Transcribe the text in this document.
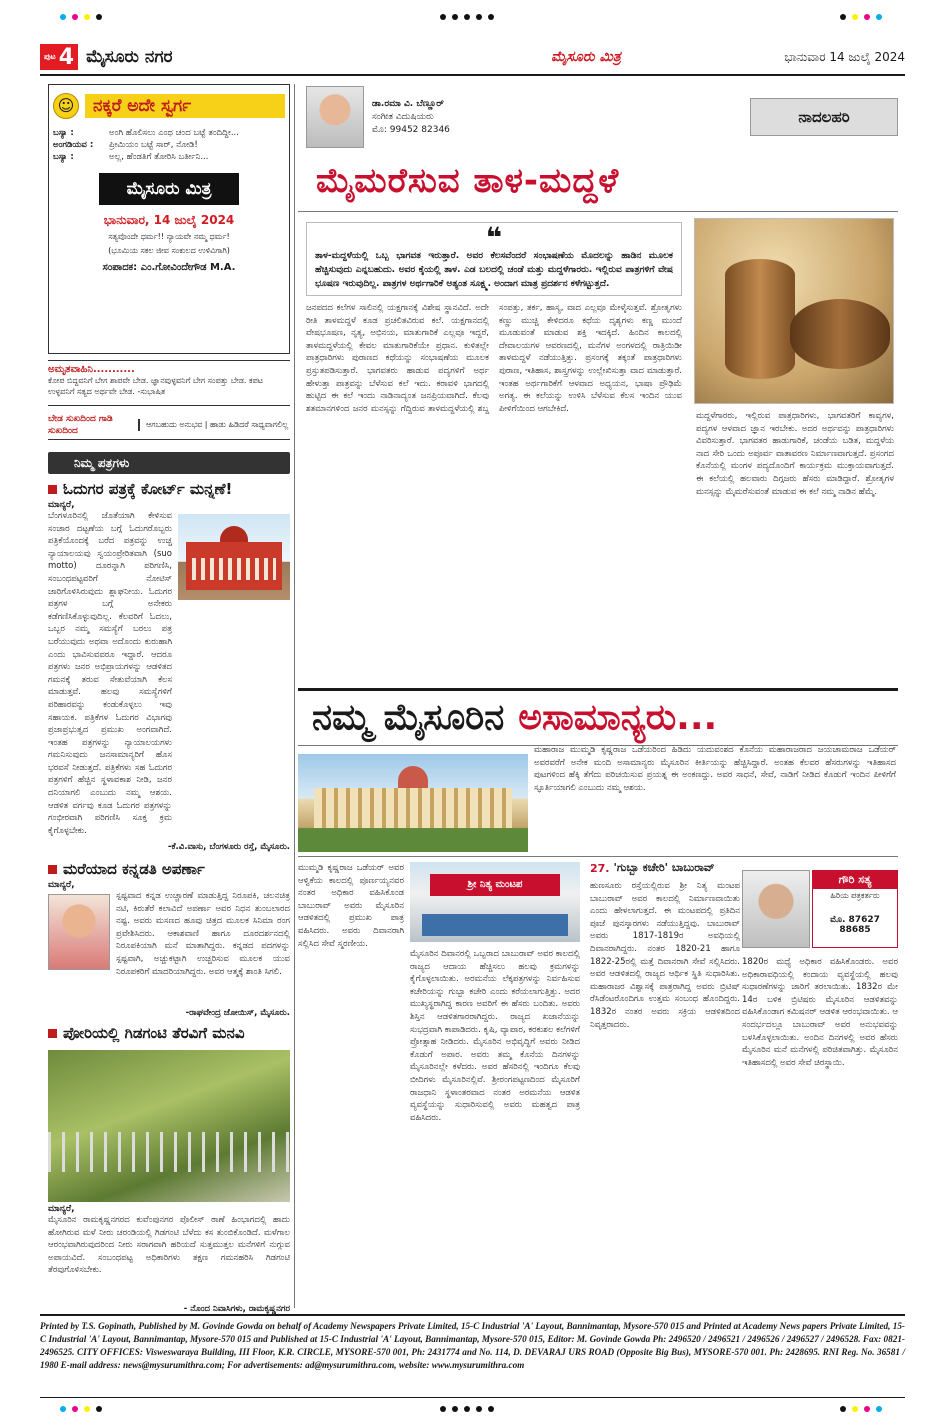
ಪುಟ 4 ಮೈಸೂರು ನಗರ	ಮೈಸೂರು ಮಿತ್ರ	ಭಾನುವಾರ 14 ಜುಲೈ 2024
☺	ನಕ್ಕರೆ ಅದೇ ಸ್ವರ್ಗ
ಬಸ್ಯಾ :	ಅಂಗಿ ಹೊಲಿಸಲು ಎಂಥ ಚಂದ ಬಟ್ಟೆ ತಂದಿದ್ದೀ...
ಅಂಗಡಿಯವ :	ಪ್ರೀಮಿಯಂ ಬಟ್ಟೆ ಸಾರ್, ನೋಡಿ!
ಬಸ್ಯಾ :	ಅಲ್ಲ, ಹೆಂಡತಿಗೆ ತೋರಿಸಿ ಬರ್ತೀನಿ...
ಮೈಸೂರು ಮಿತ್ರ
ಭಾನುವಾರ, 14 ಜುಲೈ 2024
ಸತ್ಯವೊಂದೇ ಧರ್ಮ!! ನ್ಯಾಯವೇ ನಮ್ಮ ಧರ್ಮ!
(ಭೂಮಿಯ ಸಕಲ ಜೀವ ಸಂಕುಲದ ಉಳಿವಿಗಾಗಿ)
ಸಂಪಾದಕ: ಎಂ.ಗೋವಿಂದೇಗೌಡ M.A.
ಅಮೃತವಾಹಿನಿ...........
ಕೋಪ ಬಿದ್ದವನಿಗೆ ಬೇಗ ಶಾಪವೇ ಬೇಡ. ಜ್ಞಾನವುಳ್ಳವನಿಗೆ ಬೇಗ ಸಂಪತ್ತು ಬೇಡ. ಕಪಟ ಉಳ್ಳವನಿಗೆ ಸತ್ಯದ ಅರ್ಥವೇ ಬೇಡ. -ಸುಭಾಷಿತ
ಬೇಡ ಸುಖದಿಂದ ಗಾಡಿ ಸುಖದಿಂದ
ಆಗಬಹುದು ಅನುಭವ | ಹಾಡು ಹಿಡಿದರೆ ಸಾಧ್ಯವಾಗಲಿಲ್ಲ
ನಿಮ್ಮ ಪತ್ರಗಳು
ಓದುಗರ ಪತ್ರಕ್ಕೆ ಕೋರ್ಟ್ ಮನ್ನಣೆ!
ಮಾನ್ಯರೆ,
ಬೆಂಗಳೂರಿನಲ್ಲಿ ಜೊತೆಯಾಗಿ ಕೇಳಿಸುವ ಸಂಚಾರ ದಟ್ಟಣೆಯ ಬಗ್ಗೆ ಓದುಗರೊಬ್ಬರು ಪತ್ರಿಕೆಯೊಂದಕ್ಕೆ ಬರೆದ ಪತ್ರವನ್ನು ಉಚ್ಚ ನ್ಯಾಯಾಲಯವು ಸ್ವಯಂಪ್ರೇರಿತವಾಗಿ (suo motto) ದೂರನ್ನಾಗಿ ಪರಿಗಣಿಸಿ, ಸಂಬಂಧಪಟ್ಟವರಿಗೆ ನೋಟಿಸ್ ಜಾರಿಗೊಳಿಸಿರುವುದು ಶ್ಲಾಘನೀಯ. ಓದುಗರ ಪತ್ರಗಳ ಬಗ್ಗೆ ಅನೇಕರು ಕಡೆಗಣಿಸಿಕೊಳ್ಳುವುದಿಲ್ಲ. ಕೆಲವರಿಗೆ ಓದಲು, ಒಬ್ಬರ ನಮ್ಮ ಸಮಸ್ಯೆಗೆ ಬರಲು ಪತ್ರ ಬರೆಯುವುದು ಅಥವಾ ಅದೊಂದು ಕುರುಹಾಗಿ ಎಂದು ಭಾವಿಸುವವರೂ ಇದ್ದಾರೆ. ಆದರೂ ಪತ್ರಗಳು ಜನರ ಅಭಿಪ್ರಾಯಗಳನ್ನು ಆಡಳಿತದ ಗಮನಕ್ಕೆ ತರುವ ಸೇತುವೆಯಾಗಿ ಕೆಲಸ ಮಾಡುತ್ತವೆ. ಹಲವು ಸಮಸ್ಯೆಗಳಿಗೆ ಪರಿಹಾರವನ್ನು ಕಂಡುಕೊಳ್ಳಲು ಇವು ಸಹಾಯಕ. ಪತ್ರಿಕೆಗಳ ಓದುಗರ ವಿಭಾಗವು ಪ್ರಜಾಪ್ರಭುತ್ವದ ಪ್ರಮುಖ ಅಂಗವಾಗಿದೆ. ಇಂತಹ ಪತ್ರಗಳನ್ನು ನ್ಯಾಯಾಲಯಗಳು ಗಮನಿಸುವುದು ಜನಸಾಮಾನ್ಯರಿಗೆ ಹೊಸ ಭರವಸೆ ನೀಡುತ್ತದೆ. ಪತ್ರಿಕೆಗಳು ಸಹ ಓದುಗರ ಪತ್ರಗಳಿಗೆ ಹೆಚ್ಚಿನ ಸ್ಥಳಾವಕಾಶ ನೀಡಿ, ಜನರ ದನಿಯಾಗಲಿ ಎಂಬುದು ನಮ್ಮ ಆಶಯ. ಆಡಳಿತ ವರ್ಗವು ಕೂಡ ಓದುಗರ ಪತ್ರಗಳನ್ನು ಗಂಭೀರವಾಗಿ ಪರಿಗಣಿಸಿ ಸೂಕ್ತ ಕ್ರಮ ಕೈಗೊಳ್ಳಬೇಕು.
-ಕೆ.ವಿ.ವಾಸು, ಬೆಂಗಳೂರು ರಸ್ತೆ, ಮೈಸೂರು.
ಮರೆಯಾದ ಕನ್ನಡತಿ ಅಪರ್ಣಾ
ಮಾನ್ಯರೆ,
ಸ್ಪಷ್ಟವಾದ ಕನ್ನಡ ಉಚ್ಚಾರಣೆ ಮಾಡುತ್ತಿದ್ದ ನಿರೂಪಕಿ, ಚಲನಚಿತ್ರ ನಟಿ, ಕಿರುತೆರೆ ಕಲಾವಿದೆ ಅಪರ್ಣಾ ಅವರ ನಿಧನ ತುಂಬಲಾರದ ನಷ್ಟ. ಅವರು ಮಸಣದ ಹೂವು ಚಿತ್ರದ ಮೂಲಕ ಸಿನಿಮಾ ರಂಗ ಪ್ರವೇಶಿಸಿದರು. ಆಕಾಶವಾಣಿ ಹಾಗೂ ದೂರದರ್ಶನದಲ್ಲಿ ನಿರೂಪಕಿಯಾಗಿ ಮನೆ ಮಾತಾಗಿದ್ದರು. ಕನ್ನಡದ ಪದಗಳನ್ನು ಸ್ಪಷ್ಟವಾಗಿ, ಅಚ್ಚುಕಟ್ಟಾಗಿ ಉಚ್ಚರಿಸುವ ಮೂಲಕ ಯುವ ನಿರೂಪಕರಿಗೆ ಮಾದರಿಯಾಗಿದ್ದರು. ಅವರ ಆತ್ಮಕ್ಕೆ ಶಾಂತಿ ಸಿಗಲಿ.
-ರಾಘವೇಂದ್ರ ಜೋಯಿಸ್, ಮೈಸೂರು.
ಪೋರಿಯಲ್ಲಿ ಗಿಡಗಂಟಿ ತೆರವಿಗೆ ಮನವಿ
ಮಾನ್ಯರೆ,
ಮೈಸೂರಿನ ರಾಮಕೃಷ್ಣನಗರದ ಕುವೆಂಪುನಗರ ಪೊಲೀಸ್ ಠಾಣೆ ಹಿಂಭಾಗದಲ್ಲಿ ಹಾದು ಹೋಗಿರುವ ಮಳೆ ನೀರು ಚರಂಡಿಯಲ್ಲಿ ಗಿಡಗಂಟಿ ಬೆಳೆದು ಕಸ ತುಂಬಿಕೊಂಡಿದೆ. ಮಳೆಗಾಲ ಆರಂಭವಾಗಿರುವುದರಿಂದ ನೀರು ಸರಾಗವಾಗಿ ಹರಿಯದೆ ಸುತ್ತಮುತ್ತಲ ಮನೆಗಳಿಗೆ ನುಗ್ಗುವ ಅಪಾಯವಿದೆ. ಸಂಬಂಧಪಟ್ಟ ಅಧಿಕಾರಿಗಳು ತಕ್ಷಣ ಗಮನಹರಿಸಿ ಗಿಡಗಂಟಿ ತೆರವುಗೊಳಿಸಬೇಕು.
- ನೊಂದ ನಿವಾಸಿಗಳು, ರಾಮಕೃಷ್ಣನಗರ
ಡಾ.ರಮಾ ವಿ. ಬೆಣ್ಣೂರ್
ಸಂಗೀತ ವಿದುಷಿಯರು
ಮೊ: 99452 82346
ನಾದಲಹರಿ
ಮೈಮರೆಸುವ ತಾಳ-ಮದ್ದಳೆ
❝
ತಾಳ-ಮದ್ದಳೆಯಲ್ಲಿ ಒಬ್ಬ ಭಾಗವತ ಇರುತ್ತಾರೆ. ಅವರ ಕೆಲಸವೆಂದರೆ ಸಂಭಾಷಣೆಯ ಮೊದಲನ್ನು ಹಾಡಿನ ಮೂಲಕ ಹೆಚ್ಚಿಸುವುದು ಎನ್ನಬಹುದು. ಅವರ ಕೈಯಲ್ಲಿ ತಾಳ. ಎಡ ಬಲದಲ್ಲಿ ಚಂಡೆ ಮತ್ತು ಮದ್ದಳೆಗಾರರು. ಇಲ್ಲಿರುವ ಪಾತ್ರಗಳಿಗೆ ವೇಷ ಭೂಷಣ ಇರುವುದಿಲ್ಲ. ಪಾತ್ರಗಳ ಅರ್ಥಗಾರಿಕೆ ಅತ್ಯಂತ ಸೂಕ್ಷ್ಮ. ಅಂದಾಗ ಮಾತ್ರ ಪ್ರದರ್ಶನ ಕಳೆಗಟ್ಟುತ್ತದೆ.
ಜನಪದದ ಕಲೆಗಳ ಸಾಲಿನಲ್ಲಿ ಯಕ್ಷಗಾನಕ್ಕೆ ವಿಶೇಷ ಸ್ಥಾನವಿದೆ. ಅದೇ ರೀತಿ ತಾಳಮದ್ದಳೆ ಕೂಡ ಪ್ರಚಲಿತವಿರುವ ಕಲೆ. ಯಕ್ಷಗಾನದಲ್ಲಿ ವೇಷಭೂಷಣ, ನೃತ್ಯ, ಅಭಿನಯ, ಮಾತುಗಾರಿಕೆ ಎಲ್ಲವೂ ಇದ್ದರೆ, ತಾಳಮದ್ದಳೆಯಲ್ಲಿ ಕೇವಲ ಮಾತುಗಾರಿಕೆಯೇ ಪ್ರಧಾನ. ಕುಳಿತಲ್ಲೇ ಪಾತ್ರಧಾರಿಗಳು ಪುರಾಣದ ಕಥೆಯನ್ನು ಸಂಭಾಷಣೆಯ ಮೂಲಕ ಪ್ರಸ್ತುತಪಡಿಸುತ್ತಾರೆ. ಭಾಗವತರು ಹಾಡುವ ಪದ್ಯಗಳಿಗೆ ಅರ್ಥ ಹೇಳುತ್ತಾ ಪಾತ್ರವನ್ನು ಬೆಳೆಸುವ ಕಲೆ ಇದು. ಕರಾವಳಿ ಭಾಗದಲ್ಲಿ ಹುಟ್ಟಿದ ಈ ಕಲೆ ಇಂದು ನಾಡಿನಾದ್ಯಂತ ಜನಪ್ರಿಯವಾಗಿದೆ. ಕೆಲವು ಶತಮಾನಗಳಿಂದ ಜನರ ಮನಸ್ಸನ್ನು ಗೆದ್ದಿರುವ ತಾಳಮದ್ದಳೆಯಲ್ಲಿ ಶಬ್ದ ಸಂಪತ್ತು, ತರ್ಕ, ಹಾಸ್ಯ, ವಾದ ಎಲ್ಲವೂ ಮೇಳೈಸುತ್ತವೆ. ಶ್ರೋತೃಗಳು ಕಣ್ಣು ಮುಚ್ಚಿ ಕೇಳಿದರೂ ಕಥೆಯ ದೃಶ್ಯಗಳು ಕಣ್ಣ ಮುಂದೆ ಮೂಡುವಂತೆ ಮಾಡುವ ಶಕ್ತಿ ಇದಕ್ಕಿದೆ. ಹಿಂದಿನ ಕಾಲದಲ್ಲಿ ದೇವಾಲಯಗಳ ಆವರಣದಲ್ಲಿ, ಮನೆಗಳ ಅಂಗಳದಲ್ಲಿ ರಾತ್ರಿಯಿಡೀ ತಾಳಮದ್ದಳೆ ನಡೆಯುತ್ತಿತ್ತು. ಪ್ರಸಂಗಕ್ಕೆ ತಕ್ಕಂತೆ ಪಾತ್ರಧಾರಿಗಳು ಪುರಾಣ, ಇತಿಹಾಸ, ಶಾಸ್ತ್ರಗಳನ್ನು ಉಲ್ಲೇಖಿಸುತ್ತಾ ವಾದ ಮಾಡುತ್ತಾರೆ. ಇಂತಹ ಅರ್ಥಗಾರಿಕೆಗೆ ಆಳವಾದ ಅಧ್ಯಯನ, ಭಾಷಾ ಪ್ರೌಢಿಮೆ ಅಗತ್ಯ. ಈ ಕಲೆಯನ್ನು ಉಳಿಸಿ ಬೆಳೆಸುವ ಕೆಲಸ ಇಂದಿನ ಯುವ ಪೀಳಿಗೆಯಿಂದ ಆಗಬೇಕಿದೆ.
ಮದ್ದಳೆಗಾರರು, ಇಲ್ಲಿರುವ ಪಾತ್ರಧಾರಿಗಳು, ಭಾಗವತರಿಗೆ ಕಾವ್ಯಗಳ, ಪದ್ಯಗಳ ಆಳವಾದ ಜ್ಞಾನ ಇರಬೇಕು. ಅದರ ಅರ್ಥವನ್ನು ಪಾತ್ರಧಾರಿಗಳು ವಿವರಿಸುತ್ತಾರೆ. ಭಾಗವತರ ಹಾಡುಗಾರಿಕೆ, ಚಂಡೆಯ ಬಡಿತ, ಮದ್ದಳೆಯ ನಾದ ಸೇರಿ ಒಂದು ಅಪೂರ್ವ ವಾತಾವರಣ ನಿರ್ಮಾಣವಾಗುತ್ತದೆ. ಪ್ರಸಂಗದ ಕೊನೆಯಲ್ಲಿ ಮಂಗಳ ಪದ್ಯದೊಂದಿಗೆ ಕಾರ್ಯಕ್ರಮ ಮುಕ್ತಾಯವಾಗುತ್ತದೆ. ಈ ಕಲೆಯಲ್ಲಿ ಹಲವಾರು ದಿಗ್ಗಜರು ಹೆಸರು ಮಾಡಿದ್ದಾರೆ. ಶ್ರೋತೃಗಳ ಮನಸ್ಸನ್ನು ಮೈಮರೆಸುವಂತೆ ಮಾಡುವ ಈ ಕಲೆ ನಮ್ಮ ನಾಡಿನ ಹೆಮ್ಮೆ.
ನಮ್ಮ ಮೈಸೂರಿನ ಅಸಾಮಾನ್ಯರು...
ಮಹಾರಾಜ ಮುಮ್ಮಡಿ ಕೃಷ್ಣರಾಜ ಒಡೆಯರಿಂದ ಹಿಡಿದು ಯದುವಂಶದ ಕೊನೆಯ ಮಹಾರಾಜರಾದ ಜಯಚಾಮರಾಜ ಒಡೆಯರ್ ಅವರವರೆಗೆ ಅನೇಕ ಮಂದಿ ಅಸಾಮಾನ್ಯರು ಮೈಸೂರಿನ ಕೀರ್ತಿಯನ್ನು ಹೆಚ್ಚಿಸಿದ್ದಾರೆ. ಅಂತಹ ಕೆಲವರ ಹೆಸರುಗಳನ್ನು ಇತಿಹಾಸದ ಪುಟಗಳಿಂದ ಹೆಕ್ಕಿ ತೆಗೆದು ಪರಿಚಯಿಸುವ ಪ್ರಯತ್ನ ಈ ಅಂಕಣದ್ದು. ಅವರ ಸಾಧನೆ, ಸೇವೆ, ನಾಡಿಗೆ ನೀಡಿದ ಕೊಡುಗೆ ಇಂದಿನ ಪೀಳಿಗೆಗೆ ಸ್ಫೂರ್ತಿಯಾಗಲಿ ಎಂಬುದು ನಮ್ಮ ಆಶಯ.
ಮುಮ್ಮಡಿ ಕೃಷ್ಣರಾಜ ಒಡೆಯರ್ ಅವರ ಆಳ್ವಿಕೆಯ ಕಾಲದಲ್ಲಿ ಪೂರ್ಣಯ್ಯನವರ ನಂತರ ಅಧಿಕಾರ ವಹಿಸಿಕೊಂಡ ಬಾಬುರಾವ್ ಅವರು ಮೈಸೂರಿನ ಆಡಳಿತದಲ್ಲಿ ಪ್ರಮುಖ ಪಾತ್ರ ವಹಿಸಿದರು. ಅವರು ದಿವಾನರಾಗಿ ಸಲ್ಲಿಸಿದ ಸೇವೆ ಸ್ಮರಣೀಯ.
ಶ್ರೀ ನಿತ್ಯ ಮಂಟಪ
ಮೈಸೂರಿನ ದಿವಾನರಲ್ಲಿ ಒಬ್ಬರಾದ ಬಾಬುರಾವ್ ಅವರ ಕಾಲದಲ್ಲಿ ರಾಜ್ಯದ ಆದಾಯ ಹೆಚ್ಚಿಸಲು ಹಲವು ಕ್ರಮಗಳನ್ನು ಕೈಗೊಳ್ಳಲಾಯಿತು. ಅರಮನೆಯ ಲೆಕ್ಕಪತ್ರಗಳನ್ನು ನಿರ್ವಹಿಸುವ ಕಚೇರಿಯನ್ನು ಗುಬ್ಬಾ ಕಚೇರಿ ಎಂದು ಕರೆಯಲಾಗುತ್ತಿತ್ತು. ಅದರ ಮುಖ್ಯಸ್ಥರಾಗಿದ್ದ ಕಾರಣ ಅವರಿಗೆ ಈ ಹೆಸರು ಬಂದಿತು. ಅವರು ಶಿಸ್ತಿನ ಆಡಳಿತಗಾರರಾಗಿದ್ದರು. ರಾಜ್ಯದ ಖಜಾನೆಯನ್ನು ಸುಭದ್ರವಾಗಿ ಕಾಪಾಡಿದರು. ಕೃಷಿ, ವ್ಯಾಪಾರ, ಕರಕುಶಲ ಕಲೆಗಳಿಗೆ ಪ್ರೋತ್ಸಾಹ ನೀಡಿದರು. ಮೈಸೂರಿನ ಅಭಿವೃದ್ಧಿಗೆ ಅವರು ನೀಡಿದ ಕೊಡುಗೆ ಅಪಾರ. ಅವರು ತಮ್ಮ ಕೊನೆಯ ದಿನಗಳನ್ನು ಮೈಸೂರಿನಲ್ಲೇ ಕಳೆದರು. ಅವರ ಹೆಸರಿನಲ್ಲಿ ಇಂದಿಗೂ ಕೆಲವು ಬೀದಿಗಳು ಮೈಸೂರಿನಲ್ಲಿವೆ. ಶ್ರೀರಂಗಪಟ್ಟಣದಿಂದ ಮೈಸೂರಿಗೆ ರಾಜಧಾನಿ ಸ್ಥಳಾಂತರವಾದ ನಂತರ ಅರಮನೆಯ ಆಡಳಿತ ವ್ಯವಸ್ಥೆಯನ್ನು ಸುಧಾರಿಸುವಲ್ಲಿ ಅವರು ಮಹತ್ವದ ಪಾತ್ರ ವಹಿಸಿದರು.
27. 'ಗುಬ್ಬಾ ಕಚೇರಿ' ಬಾಬುರಾವ್
ಹುಣಸೂರು ರಸ್ತೆಯಲ್ಲಿರುವ ಶ್ರೀ ನಿತ್ಯ ಮಂಟಪ ಬಾಬುರಾವ್ ಅವರ ಕಾಲದಲ್ಲಿ ನಿರ್ಮಾಣವಾಯಿತು ಎಂದು ಹೇಳಲಾಗುತ್ತದೆ. ಈ ಮಂಟಪದಲ್ಲಿ ಪ್ರತಿದಿನ ಪೂಜೆ ಪುನಸ್ಕಾರಗಳು ನಡೆಯುತ್ತಿದ್ದವು. ಬಾಬುರಾವ್ ಅವರು 1817-1819ರ ಅವಧಿಯಲ್ಲಿ ದಿವಾನರಾಗಿದ್ದರು. ನಂತರ 1820-21 ಹಾಗೂ 1822-25ರಲ್ಲಿ ಮತ್ತೆ ದಿವಾನರಾಗಿ ಸೇವೆ ಸಲ್ಲಿಸಿದರು. ಅವರ ಆಡಳಿತದಲ್ಲಿ ರಾಜ್ಯದ ಆರ್ಥಿಕ ಸ್ಥಿತಿ ಸುಧಾರಿಸಿತು. ಮಹಾರಾಜರ ವಿಶ್ವಾಸಕ್ಕೆ ಪಾತ್ರರಾಗಿದ್ದ ಅವರು ಬ್ರಿಟಿಷ್ ರೆಸಿಡೆಂಟರೊಂದಿಗೂ ಉತ್ತಮ ಸಂಬಂಧ ಹೊಂದಿದ್ದರು. 1832ರ ನಂತರ ಅವರು ಸಕ್ರಿಯ ಆಡಳಿತದಿಂದ ನಿವೃತ್ತರಾದರು.
ಗೌರಿ ಸತ್ಯ
ಹಿರಿಯ ಪತ್ರಕರ್ತರು
ಮೊ. 87627 88685
1820ರ ಮಧ್ಯೆ ಅಧಿಕಾರ ವಹಿಸಿಕೊಂಡರು. ಅವರ ಅಧಿಕಾರಾವಧಿಯಲ್ಲಿ ಕಂದಾಯ ವ್ಯವಸ್ಥೆಯಲ್ಲಿ ಹಲವು ಸುಧಾರಣೆಗಳನ್ನು ಜಾರಿಗೆ ತರಲಾಯಿತು. 1832ರ ಮೇ 14ರ ಬಳಿಕ ಬ್ರಿಟಿಷರು ಮೈಸೂರಿನ ಆಡಳಿತವನ್ನು ವಹಿಸಿಕೊಂಡಾಗ ಕಮಿಷನರ್ ಆಡಳಿತ ಆರಂಭವಾಯಿತು. ಆ ಸಂದರ್ಭದಲ್ಲೂ ಬಾಬುರಾವ್ ಅವರ ಅನುಭವವನ್ನು ಬಳಸಿಕೊಳ್ಳಲಾಯಿತು. ಅಂದಿನ ದಿನಗಳಲ್ಲಿ ಅವರ ಹೆಸರು ಮೈಸೂರಿನ ಮನೆ ಮನೆಗಳಲ್ಲಿ ಪರಿಚಿತವಾಗಿತ್ತು. ಮೈಸೂರಿನ ಇತಿಹಾಸದಲ್ಲಿ ಅವರ ಸೇವೆ ಚಿರಸ್ಥಾಯಿ.
Printed by T.S. Gopinath, Published by M. Govinde Gowda on behalf of Academy Newspapers Private Limited, 15-C Industrial 'A' Layout, Bannimantap, Mysore-570 015 and Printed at Academy News papers Private Limited, 15-C Industrial 'A' Layout, Bannimantap, Mysore-570 015 and Published at 15-C Industrial 'A' Layout, Bannimantap, Mysore-570 015, Editor: M. Govinde Gowda Ph: 2496520 / 2496521 / 2496526 / 2496527 / 2496528. Fax: 0821-2496525. CITY OFFICES: Visweswaraya Building, III Floor, K.R. CIRCLE, MYSORE-570 001, Ph: 2431774 and No. 114, D. DEVARAJ URS ROAD (Opposite Big Bus), MYSORE-570 001. Ph: 2428695. RNI Reg. No. 36581 / 1980 E-mail address: news@mysurumithra.com; For advertisements: ad@mysurumithra.com, website: www.mysurumithra.com
